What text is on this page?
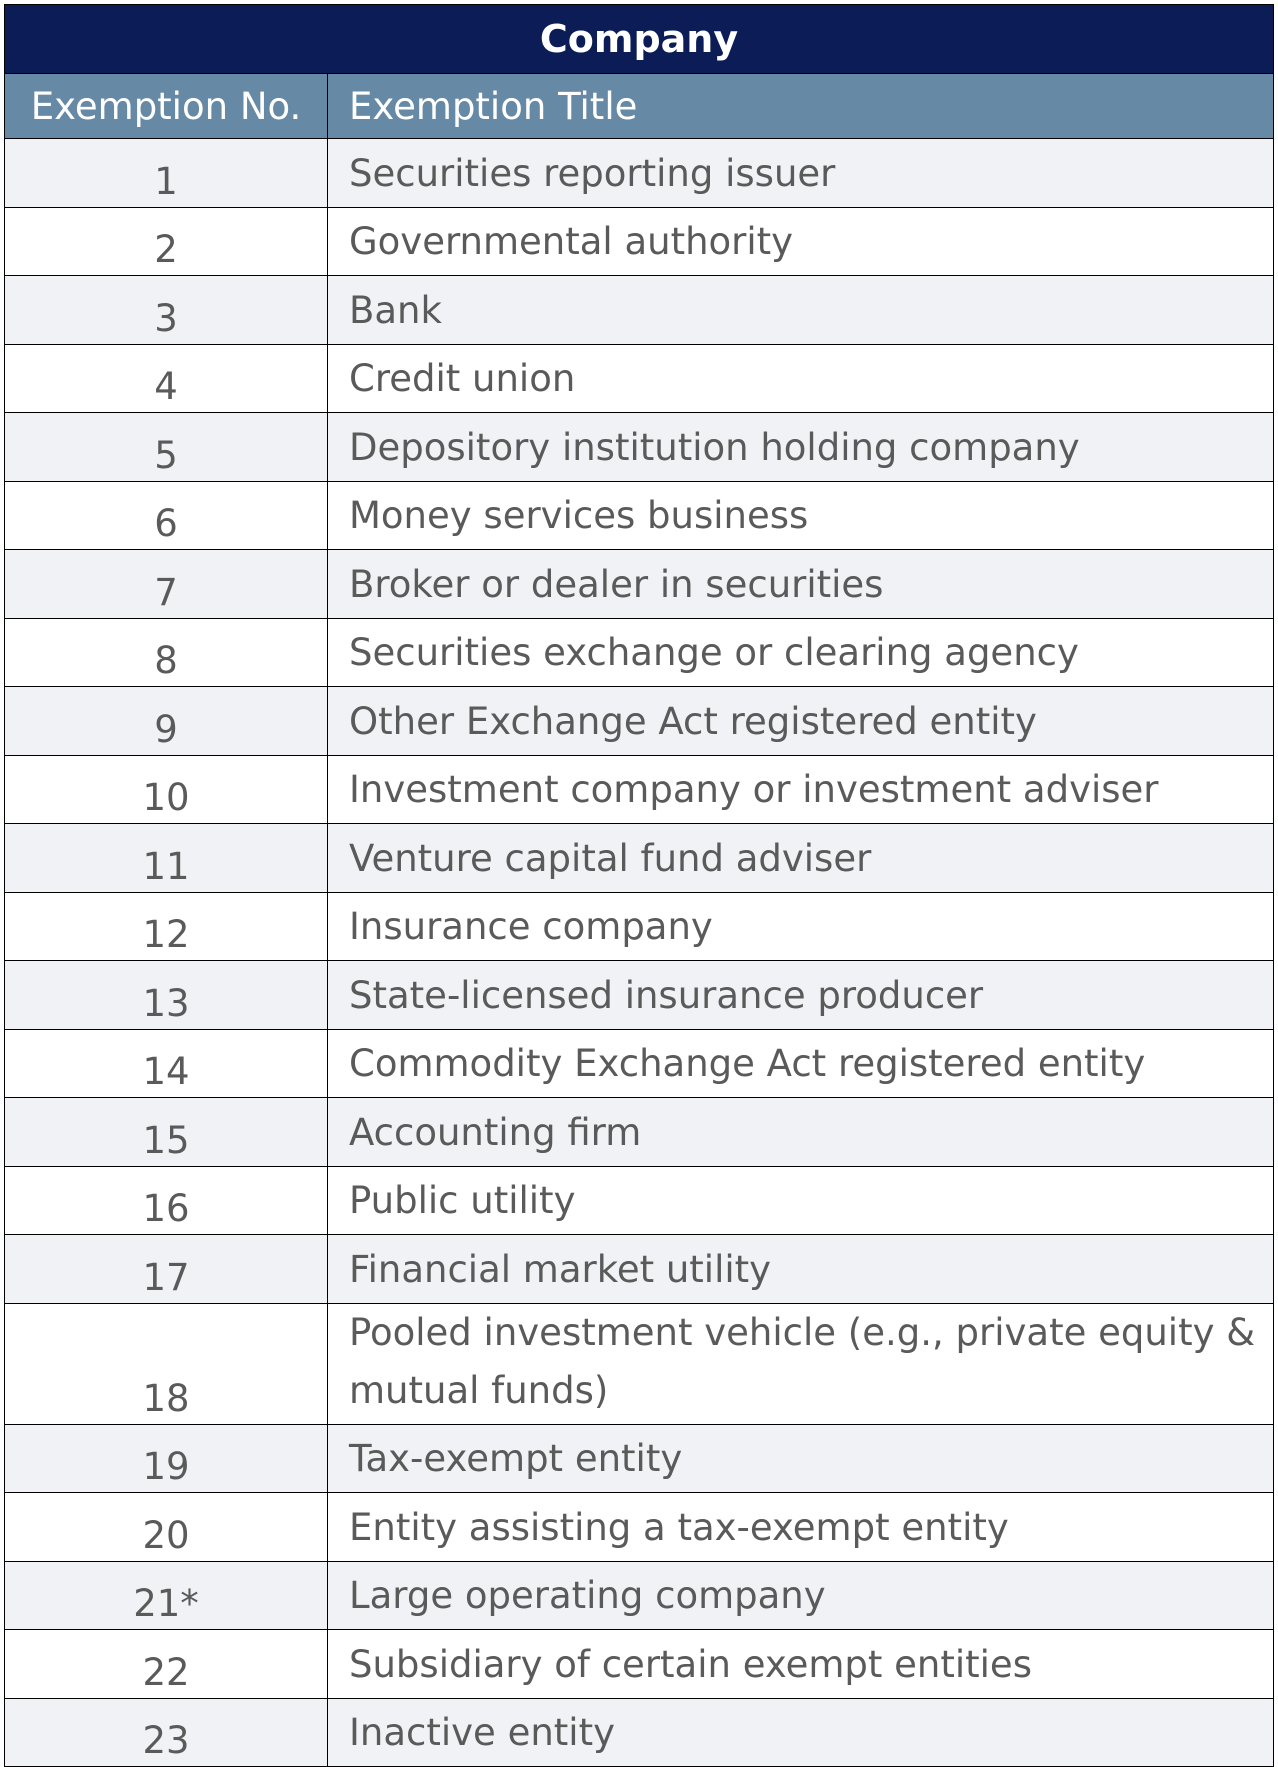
Company	
Exemption No.	Exemption Title
1	Securities reporting issuer
2	Governmental authority
3	Bank
4	Credit union
5	Depository institution holding company
6	Money services business
7	Broker or dealer in securities
8	Securities exchange or clearing agency
9	Other Exchange Act registered entity
10	Investment company or investment adviser
11	Venture capital fund adviser
12	Insurance company
13	State-licensed insurance producer
14	Commodity Exchange Act registered entity
15	Accounting firm
16	Public utility
17	Financial market utility
18	Pooled investment vehicle (e.g., private equity & mutual funds)
19	Tax-exempt entity
20	Entity assisting a tax-exempt entity
21*	Large operating company
22	Subsidiary of certain exempt entities
23	Inactive entity
